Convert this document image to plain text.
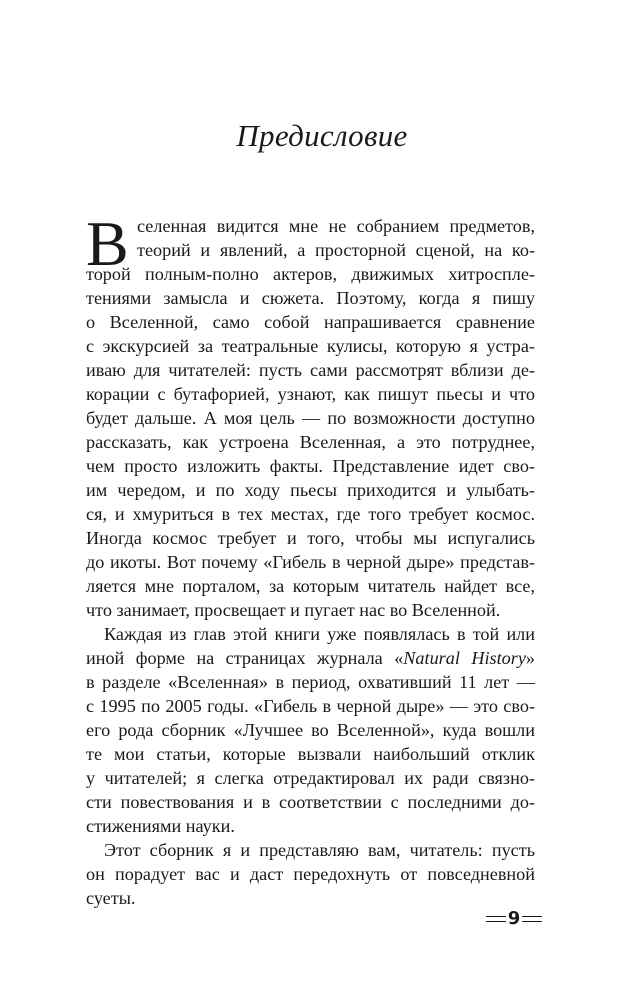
Предисловие
В селенная видится мне не собранием предметов,
теорий и явлений, а просторной сценой, на ко-
торой полным-полно актеров, движимых хитроспле-
тениями замысла и сюжета. Поэтому, когда я пишу
о Вселенной, само собой напрашивается сравнение
с экскурсией за театральные кулисы, которую я устра-
иваю для читателей: пусть сами рассмотрят вблизи де-
корации с бутафорией, узнают, как пишут пьесы и что
будет дальше. А моя цель — по возможности доступно
рассказать, как устроена Вселенная, а это потруднее,
чем просто изложить факты. Представление идет сво-
им чередом, и по ходу пьесы приходится и улыбать-
ся, и хмуриться в тех местах, где того требует космос.
Иногда космос требует и того, чтобы мы испугались
до икоты. Вот почему «Гибель в черной дыре» представ-
ляется мне порталом, за которым читатель найдет все,
что занимает, просвещает и пугает нас во Вселенной.
Каждая из глав этой книги уже появлялась в той или
иной форме на страницах журнала «Natural History»
в разделе «Вселенная» в период, охвативший 11 лет —
с 1995 по 2005 годы. «Гибель в черной дыре» — это сво-
его рода сборник «Лучшее во Вселенной», куда вошли
те мои статьи, которые вызвали наибольший отклик
у читателей; я слегка отредактировал их ради связно-
сти повествования и в соответствии с последними до-
стижениями науки.
Этот сборник я и представляю вам, читатель: пусть
он порадует вас и даст передохнуть от повседневной
суеты.
9
